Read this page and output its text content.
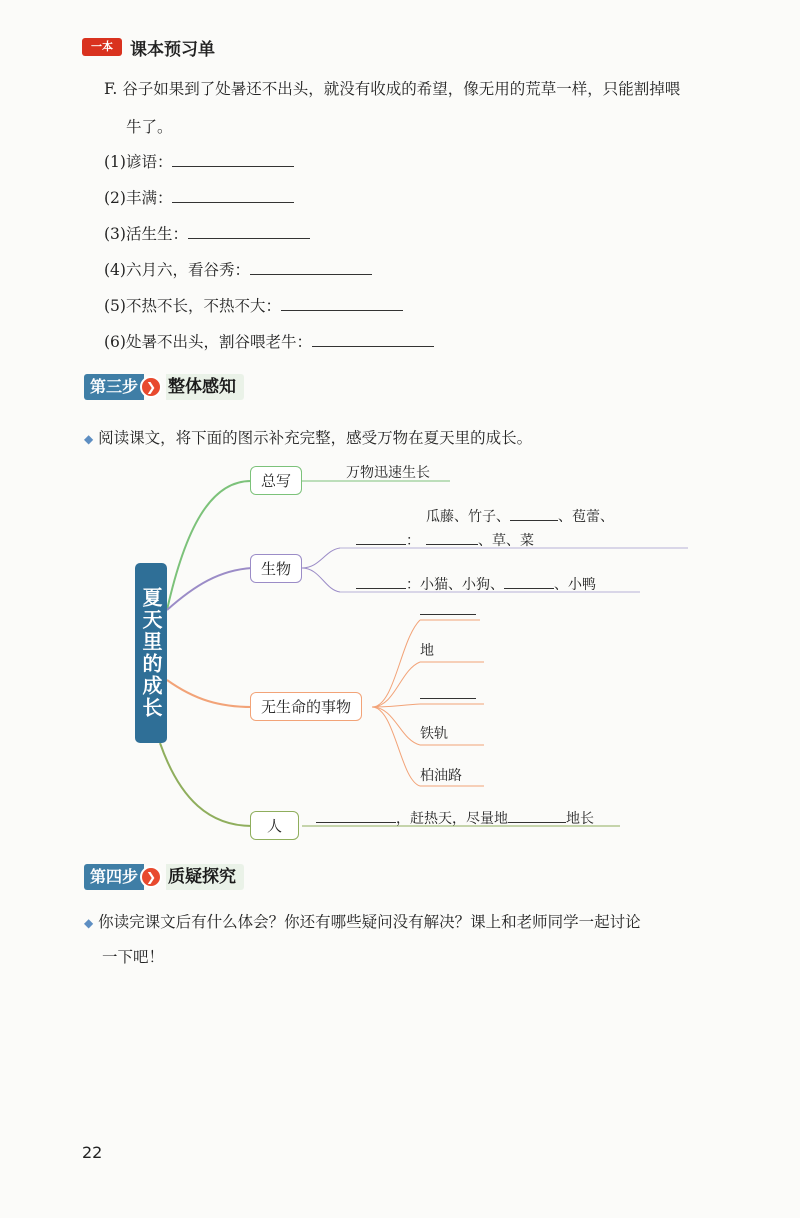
一本	课本预习单
F. 谷子如果到了处暑还不出头，就没有收成的希望，像无用的荒草一样，只能割掉喂
牛了。
(1)谚语：
(2)丰满：
(3)活生生：
(4)六月六，看谷秀：
(5)不热不长，不热不大：
(6)处暑不出头，割谷喂老牛：
第三步 ❯ 整体感知
◆ 阅读课文，将下面的图示补充完整，感受万物在夏天里的成长。
夏天里的成长
总写	万物迅速生长
生物
瓜藤、竹子、	、苞蕾、
：	、草、菜
：小猫、小狗、	、小鸭
无生命的事物
地
铁轨
柏油路
人	，赶热天，尽量地	地长
第四步 ❯ 质疑探究
◆ 你读完课文后有什么体会？你还有哪些疑问没有解决？课上和老师同学一起讨论
一下吧！
22
